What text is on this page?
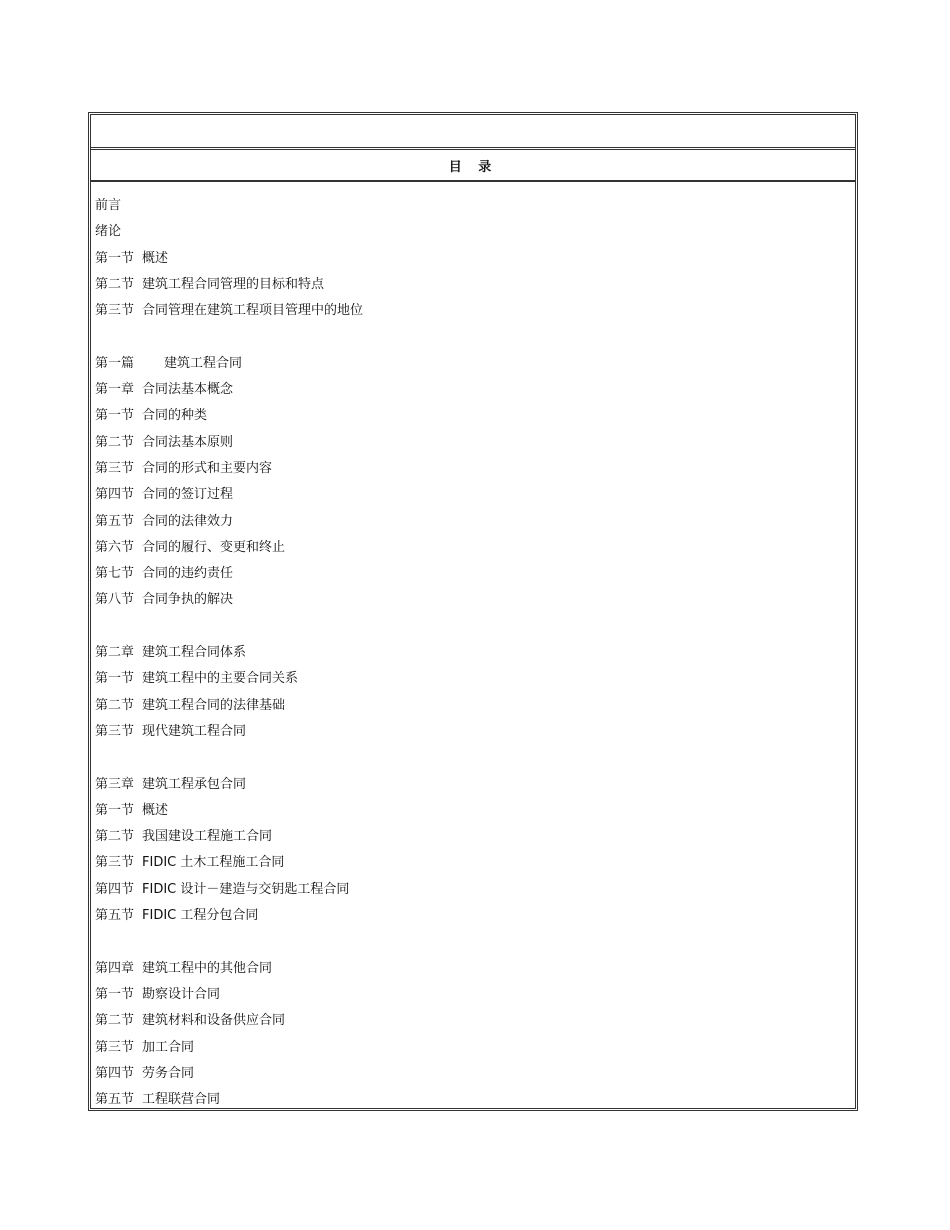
目 录
前言
绪论
第一节 概述
第二节 建筑工程合同管理的目标和特点
第三节 合同管理在建筑工程项目管理中的地位
第一篇 建筑工程合同
第一章 合同法基本概念
第一节 合同的种类
第二节 合同法基本原则
第三节 合同的形式和主要内容
第四节 合同的签订过程
第五节 合同的法律效力
第六节 合同的履行、变更和终止
第七节 合同的违约责任
第八节 合同争执的解决
第二章 建筑工程合同体系
第一节 建筑工程中的主要合同关系
第二节 建筑工程合同的法律基础
第三节 现代建筑工程合同
第三章 建筑工程承包合同
第一节 概述
第二节 我国建设工程施工合同
第三节 FIDIC 土木工程施工合同
第四节 FIDIC 设计－建造与交钥匙工程合同
第五节 FIDIC 工程分包合同
第四章 建筑工程中的其他合同
第一节 勘察设计合同
第二节 建筑材料和设备供应合同
第三节 加工合同
第四节 劳务合同
第五节 工程联营合同
